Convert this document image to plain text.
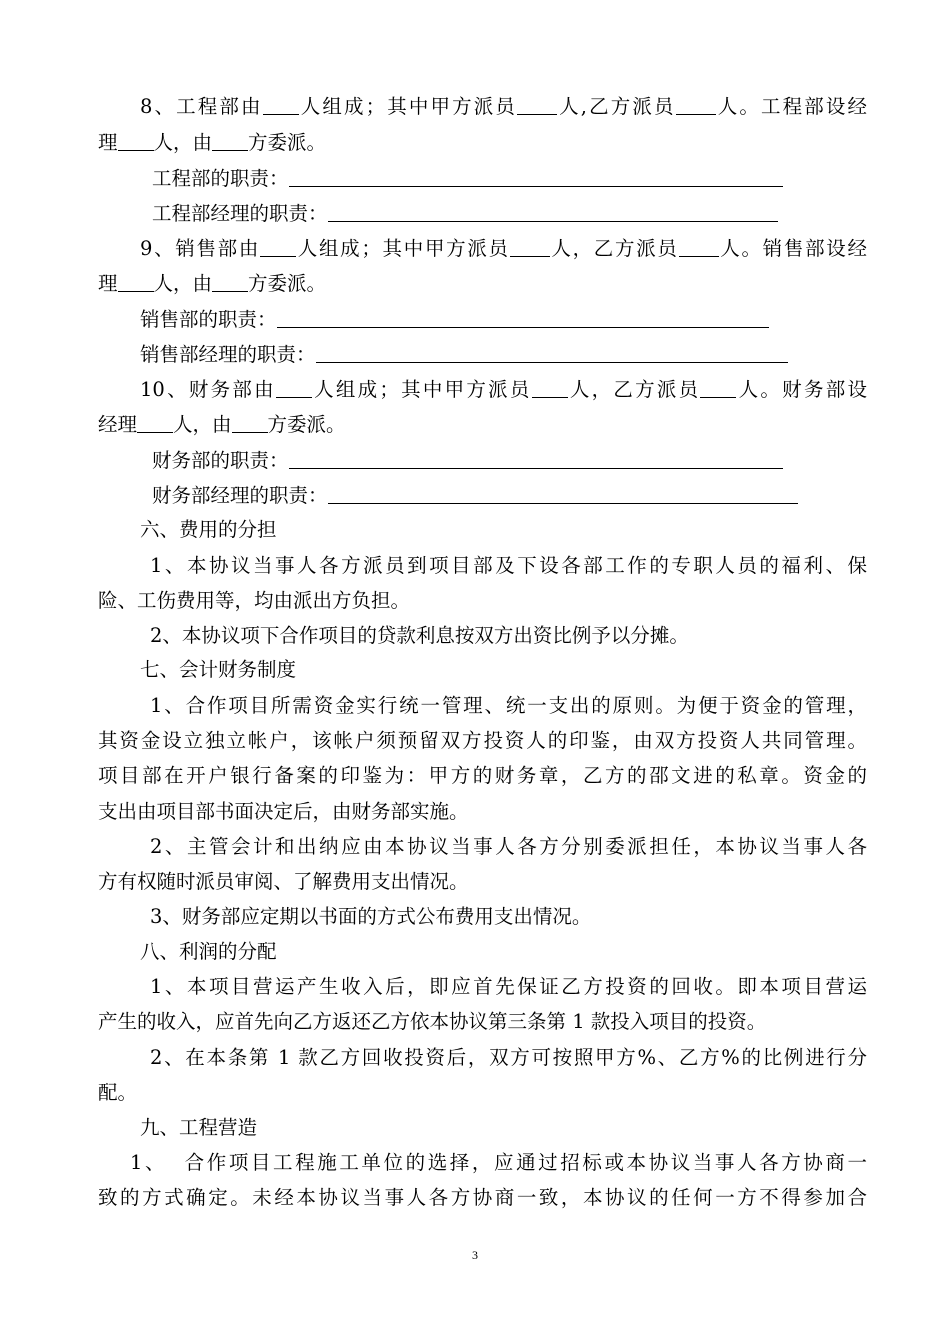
8、工程部由 人组成；其中甲方派员 人,乙方派员 人。工程部设经
理 人，由 方委派。
工程部的职责：
工程部经理的职责：
9、销售部由 人组成；其中甲方派员 人，乙方派员 人。销售部设经
理 人，由 方委派。
销售部的职责：
销售部经理的职责：
10、财务部由 人组成；其中甲方派员 人，乙方派员 人。财务部设
经理 人，由 方委派。
财务部的职责：
财务部经理的职责：
六、费用的分担
1、本协议当事人各方派员到项目部及下设各部工作的专职人员的福利、保
险、工伤费用等，均由派出方负担。
2、本协议项下合作项目的贷款利息按双方出资比例予以分摊。
七、会计财务制度
1、合作项目所需资金实行统一管理、统一支出的原则。为便于资金的管理，
其资金设立独立帐户，该帐户须预留双方投资人的印鉴，由双方投资人共同管理。
项目部在开户银行备案的印鉴为：甲方的财务章，乙方的邵文进的私章。资金的
支出由项目部书面决定后，由财务部实施。
2、主管会计和出纳应由本协议当事人各方分别委派担任，本协议当事人各
方有权随时派员审阅、了解费用支出情况。
3、财务部应定期以书面的方式公布费用支出情况。
八、利润的分配
1、本项目营运产生收入后，即应首先保证乙方投资的回收。即本项目营运
产生的收入，应首先向乙方返还乙方依本协议第三条第 1 款投入项目的投资。
2、在本条第 1 款乙方回收投资后，双方可按照甲方%、乙方%的比例进行分
配。
九、工程营造
1、  合作项目工程施工单位的选择，应通过招标或本协议当事人各方协商一
致的方式确定。未经本协议当事人各方协商一致，本协议的任何一方不得参加合
3
